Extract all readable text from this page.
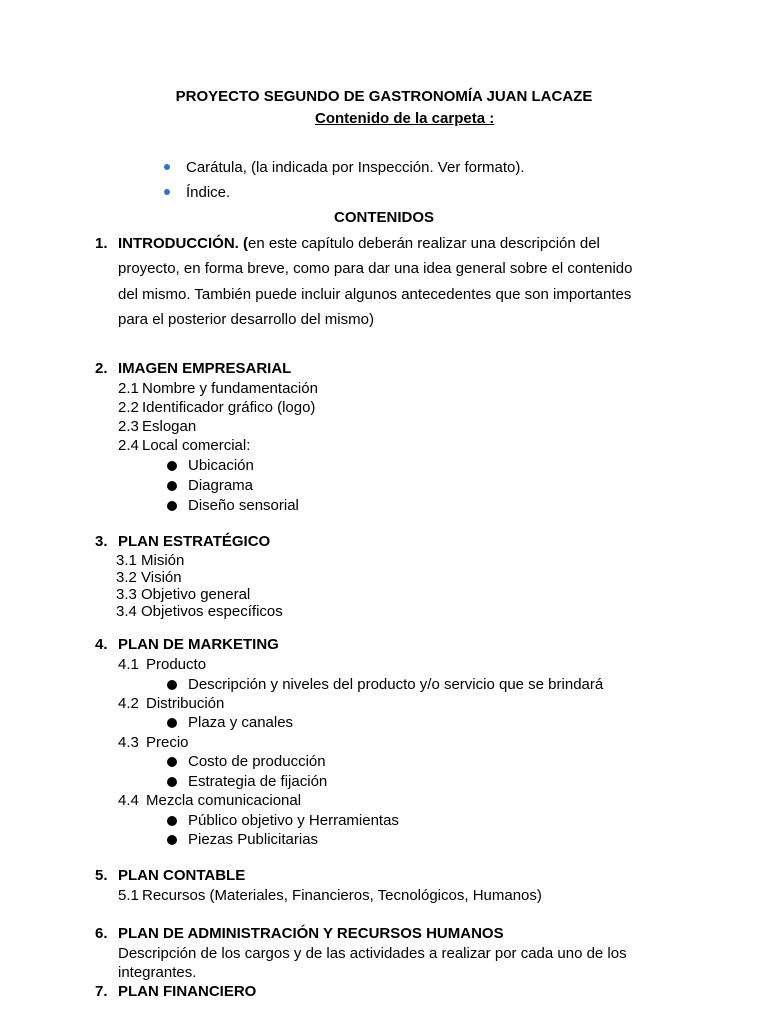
PROYECTO SEGUNDO DE GASTRONOMÍA JUAN LACAZE
Contenido de la carpeta :
Carátula, (la indicada por Inspección. Ver formato).
Índice.
CONTENIDOS
1. INTRODUCCIÓN. (en este capítulo deberán realizar una descripción del
proyecto, en forma breve, como para dar una idea general sobre el contenido
del mismo. También puede incluir algunos antecedentes que son importantes
para el posterior desarrollo del mismo)
2. IMAGEN EMPRESARIAL
2.1 Nombre y fundamentación
2.2 Identificador gráfico (logo)
2.3 Eslogan
2.4 Local comercial:
Ubicación
Diagrama
Diseño sensorial
3. PLAN ESTRATÉGICO
3.1 Misión
3.2 Visión
3.3 Objetivo general
3.4 Objetivos específicos
4. PLAN DE MARKETING
4.1 Producto
Descripción y niveles del producto y/o servicio que se brindará
4.2 Distribución
Plaza y canales
4.3 Precio
Costo de producción
Estrategia de fijación
4.4 Mezcla comunicacional
Público objetivo y Herramientas
Piezas Publicitarias
5. PLAN CONTABLE
5.1 Recursos (Materiales, Financieros, Tecnológicos, Humanos)
6. PLAN DE ADMINISTRACIÓN Y RECURSOS HUMANOS
Descripción de los cargos y de las actividades a realizar por cada uno de los
integrantes.
7. PLAN FINANCIERO
